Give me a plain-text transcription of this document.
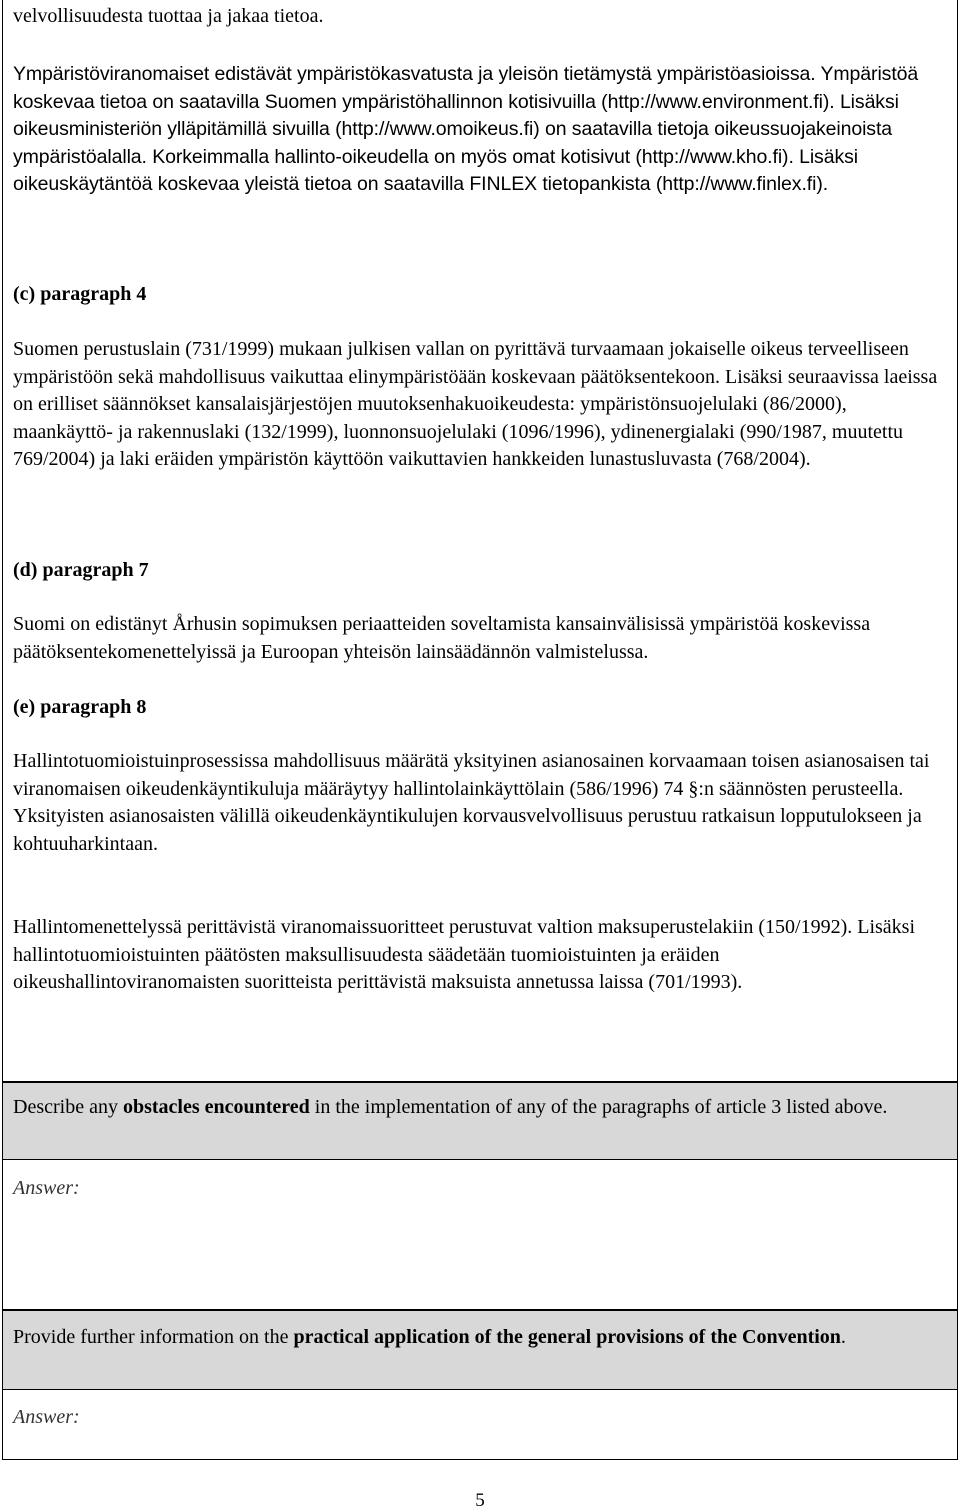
velvollisuudesta tuottaa ja jakaa tietoa.

Ympäristöviranomaiset edistävät ympäristökasvatusta ja yleisön tietämystä ympäristöasioissa. Ympäristöä koskevaa tietoa on saatavilla Suomen ympäristöhallinnon kotisivuilla (http://www.environment.fi). Lisäksi oikeusministeriön ylläpitämillä sivuilla (http://www.omoikeus.fi) on saatavilla tietoja oikeussuojakeinoista ympäristöalalla. Korkeimmalla hallinto-oikeudella on myös omat kotisivut (http://www.kho.fi). Lisäksi oikeuskäytäntöä koskevaa yleistä tietoa on saatavilla FINLEX tietopankista (http://www.finlex.fi).

(c) paragraph 4

Suomen perustuslain (731/1999) mukaan julkisen vallan on pyrittävä turvaamaan jokaiselle oikeus terveelliseen ympäristöön sekä mahdollisuus vaikuttaa elinympäristöään koskevaan päätöksentekoon. Lisäksi seuraavissa laeissa on erilliset säännökset kansalaisjärjestöjen muutoksenhakuoikeudesta: ympäristönsuojelulaki (86/2000), maankäyttö- ja rakennuslaki (132/1999), luonnonsuojelulaki (1096/1996), ydinenergialaki (990/1987, muutettu 769/2004) ja laki eräiden ympäristön käyttöön vaikuttavien hankkeiden lunastusluvasta (768/2004).

(d) paragraph 7

Suomi on edistänyt Århusin sopimuksen periaatteiden soveltamista kansainvälisissä ympäristöä koskevissa päätöksentekomenettelyissä ja Euroopan yhteisön lainsäädännön valmistelussa.

(e) paragraph 8

Hallintotuomioistuinprosessissa mahdollisuus määrätä yksityinen asianosainen korvaamaan toisen asianosaisen tai viranomaisen oikeudenkäyntikuluja määräytyy hallintolainkäyttölain (586/1996) 74 §:n säännösten perusteella. Yksityisten asianosaisten välillä oikeudenkäyntikulujen korvausvelvollisuus perustuu ratkaisun lopputulokseen ja kohtuuharkintaan.

Hallintomenettelyssä perittävistä viranomaissuoritteet perustuvat valtion maksuperustelakiin (150/1992). Lisäksi hallintotuomioistuinten päätösten maksullisuudesta säädetään tuomioistuinten ja eräiden oikeushallintoviranomaisten suoritteista perittävistä maksuista annetussa laissa (701/1993).

Describe any obstacles encountered in the implementation of any of the paragraphs of article 3 listed above.

Answer:

Provide further information on the practical application of the general provisions of the Convention.

Answer:

5
